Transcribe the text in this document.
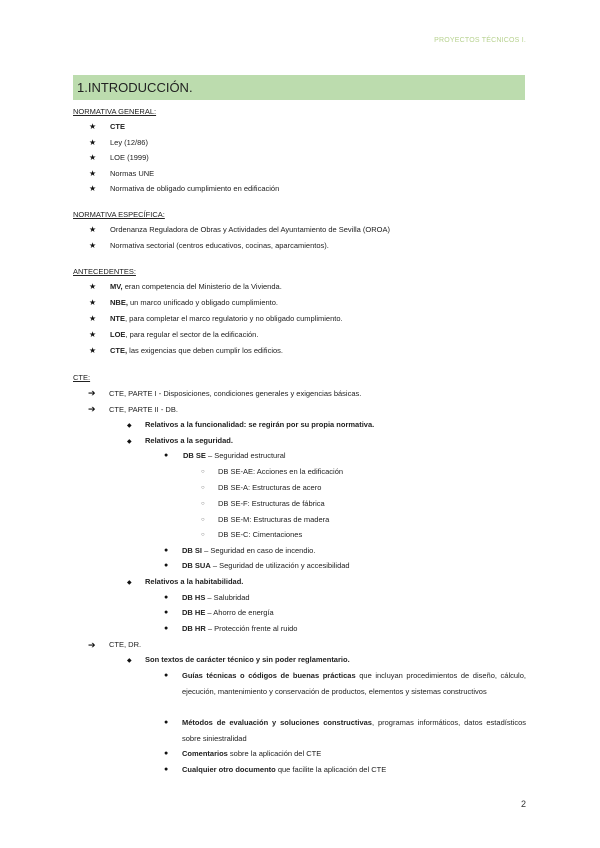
PROYECTOS TÉCNICOS I.
1.INTRODUCCIÓN.
NORMATIVA GENERAL:
★ CTE
★ Ley (12/86)
★ LOE (1999)
★ Normas UNE
★ Normativa de obligado cumplimiento en edificación
NORMATIVA ESPECÍFICA:
★ Ordenanza Reguladora de Obras y Actividades del Ayuntamiento de Sevilla (OROA)
★ Normativa sectorial (centros educativos, cocinas, aparcamientos).
ANTECEDENTES:
★ MV, eran competencia del Ministerio de la Vivienda.
★ NBE, un marco unificado y obligado cumplimiento.
★ NTE, para completar el marco regulatorio y no obligado cumplimiento.
★ LOE, para regular el sector de la edificación.
★ CTE, las exigencias que deben cumplir los edificios.
CTE:
➔ CTE, PARTE I - Disposiciones, condiciones generales y exigencias básicas.
➔ CTE, PARTE II - DB.
◆ Relativos a la funcionalidad: se regirán por su propia normativa.
◆ Relativos a la seguridad.
● DB SE – Seguridad estructural
○ DB SE-AE: Acciones en la edificación
○ DB SE-A: Estructuras de acero
○ DB SE-F: Estructuras de fábrica
○ DB SE-M: Estructuras de madera
○ DB SE-C: Cimentaciones
● DB SI – Seguridad en caso de incendio.
● DB SUA – Seguridad de utilización y accesibilidad
◆ Relativos a la habitabilidad.
● DB HS – Salubridad
● DB HE – Ahorro de energía
● DB HR – Protección frente al ruido
➔ CTE, DR.
◆ Son textos de carácter técnico y sin poder reglamentario.
● Guías técnicas o códigos de buenas prácticas que incluyan procedimientos de diseño, cálculo, ejecución, mantenimiento y conservación de productos, elementos y sistemas constructivos
● Métodos de evaluación y soluciones constructivas, programas informáticos, datos estadísticos sobre siniestralidad
● Comentarios sobre la aplicación del CTE
● Cualquier otro documento que facilite la aplicación del CTE
2
